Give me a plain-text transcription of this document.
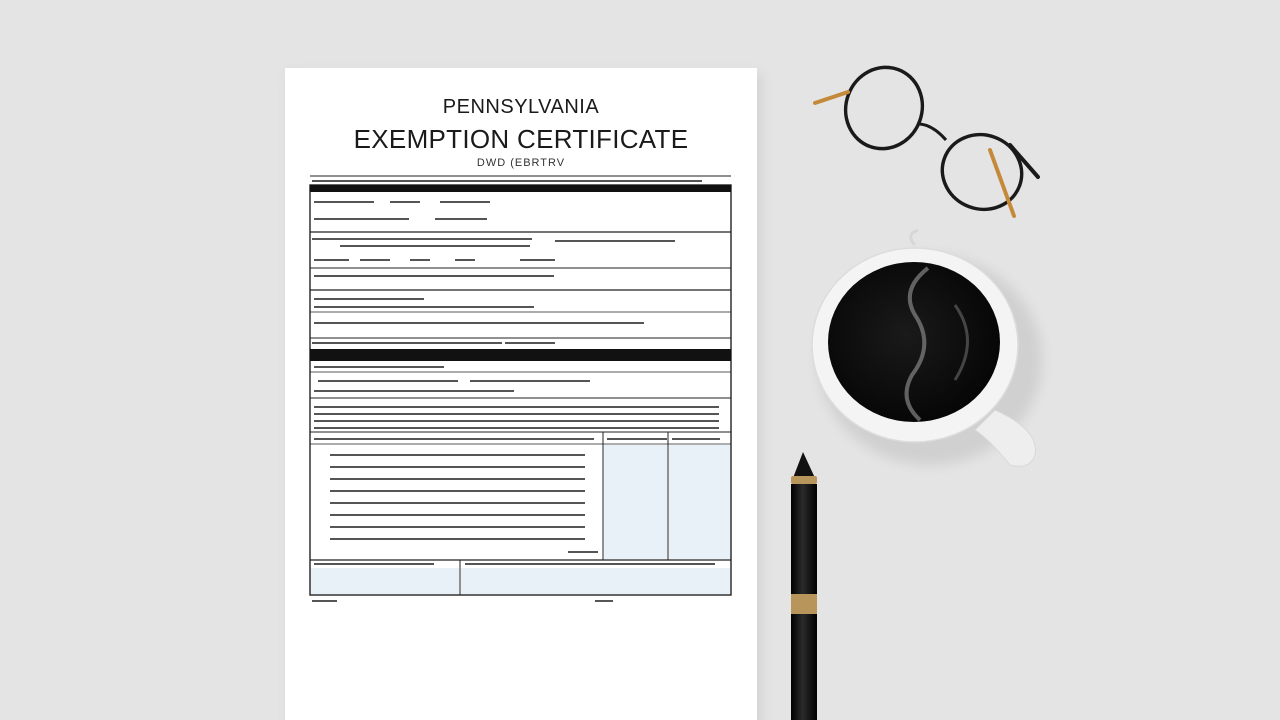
PENNSYLVANIA
EXEMPTION CERTIFICATE
DWD (EBRTRV
